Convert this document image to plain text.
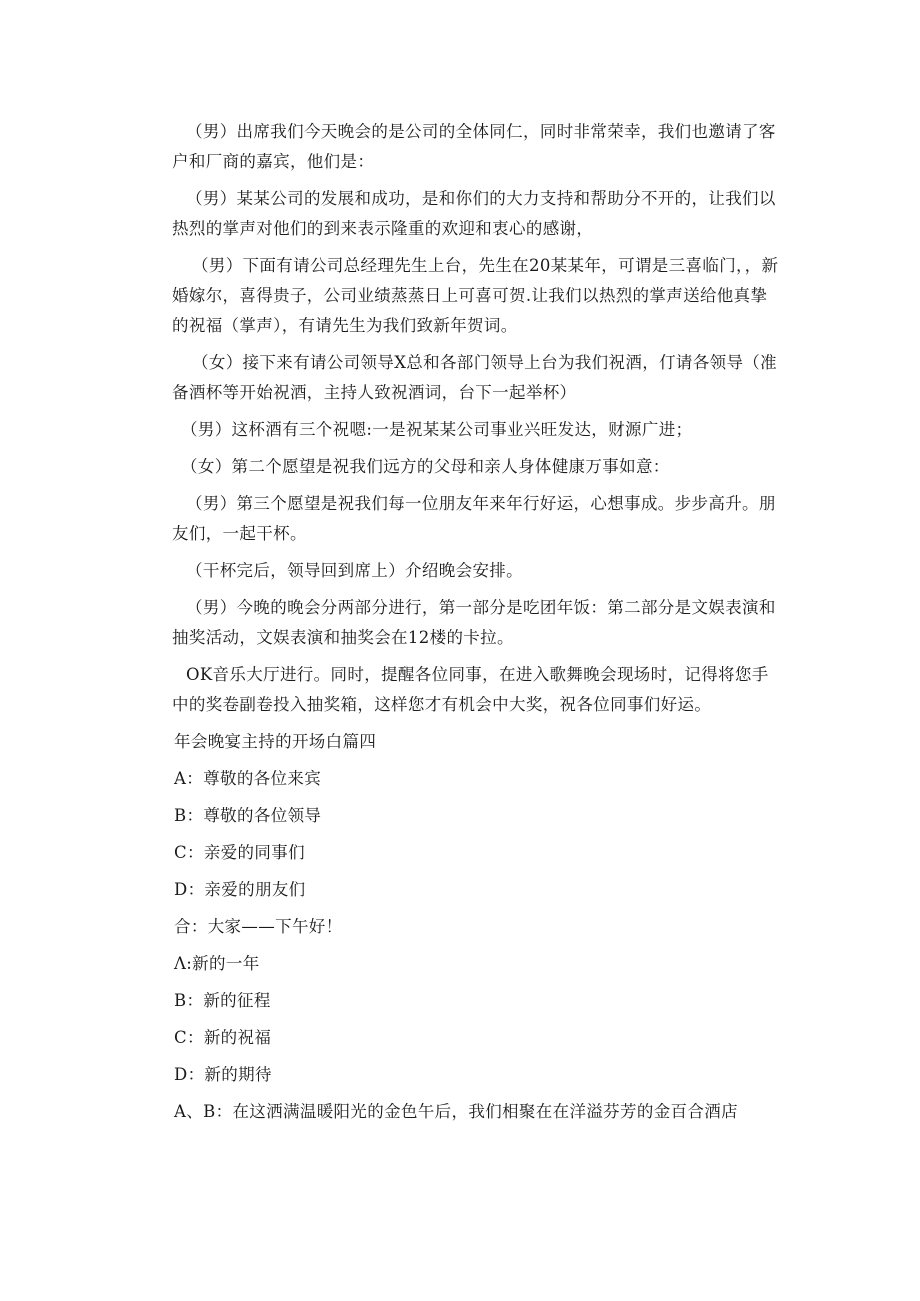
（男）出席我们今天晚会的是公司的全体同仁，同时非常荣幸，我们也邀请了客户和厂商的嘉宾，他们是：

（男）某某公司的发展和成功，是和你们的大力支持和帮助分不开的，让我们以热烈的掌声对他们的到来表示隆重的欢迎和衷心的感谢，

（男）下面有请公司总经理先生上台，先生在20某某年，可谓是三喜临门，，新婚嫁尔，喜得贵子，公司业绩蒸蒸日上可喜可贺.让我们以热烈的掌声送给他真挚的祝福（掌声），有请先生为我们致新年贺词。

（女）接下来有请公司领导X总和各部门领导上台为我们祝酒，仃请各领导（准备酒杯等开始祝酒，主持人致祝酒词，台下一起举杯）

（男）这杯酒有三个祝嗯:一是祝某某公司事业兴旺发达，财源广进；

（女）第二个愿望是祝我们远方的父母和亲人身体健康万事如意：

（男）第三个愿望是祝我们每一位朋友年来年行好运，心想事成。步步高升。朋友们，一起干杯。

（干杯完后，领导回到席上）介绍晚会安排。

（男）今晚的晚会分两部分进行，第一部分是吃团年饭：第二部分是文娱表演和抽奖活动，文娱表演和抽奖会在12楼的卡拉。

OK音乐大厅进行。同时，提醒各位同事，在进入歌舞晚会现场时，记得将您手中的奖卷副卷投入抽奖箱，这样您才有机会中大奖，祝各位同事们好运。

年会晚宴主持的开场白篇四

A：尊敬的各位来宾

B：尊敬的各位领导

C：亲爱的同事们

D：亲爱的朋友们

合：大家——下午好！

Λ:新的一年

B：新的征程

C：新的祝福

D：新的期待

A、B：在这洒满温暖阳光的金色午后，我们相聚在在洋溢芬芳的金百合酒店
